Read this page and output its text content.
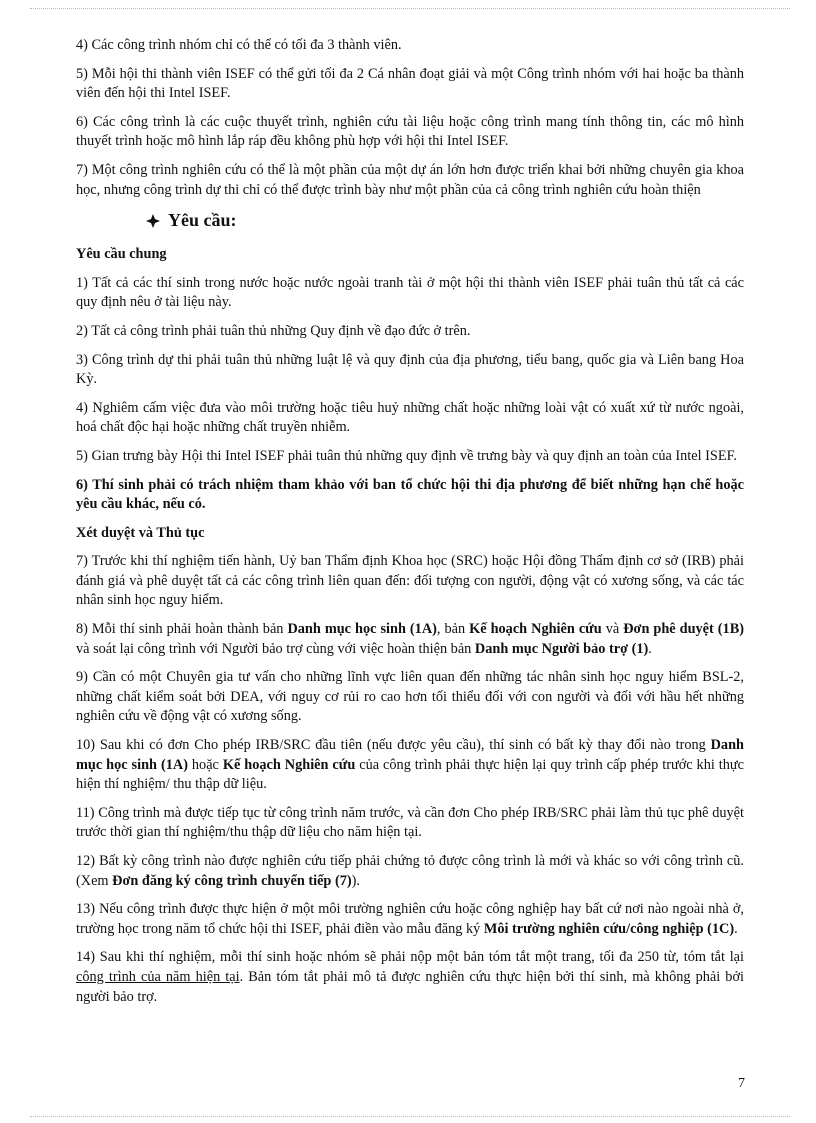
4) Các công trình nhóm chỉ có thể có tối đa 3 thành viên.

5) Mỗi hội thi thành viên ISEF có thể gửi tối đa 2 Cá nhân đoạt giải và một Công trình nhóm với hai hoặc ba thành viên đến hội thi Intel ISEF.

6) Các công trình là các cuộc thuyết trình, nghiên cứu tài liệu hoặc công trình mang tính thông tin, các mô hình thuyết trình hoặc mô hình lắp ráp đều không phù hợp với hội thi Intel ISEF.

7) Một công trình nghiên cứu có thể là một phần của một dự án lớn hơn được triển khai bởi những chuyên gia khoa học, nhưng công trình dự thi chỉ có thể được trình bày như một phần của cả công trình nghiên cứu hoàn thiện

Yêu cầu:
Yêu cầu chung

1) Tất cả các thí sinh trong nước hoặc nước ngoài tranh tài ở một hội thi thành viên ISEF phải tuân thủ tất cả các quy định nêu ở tài liệu này.

2) Tất cả công trình phải tuân thủ những Quy định về đạo đức ở trên.

3) Công trình dự thi phải tuân thủ những luật lệ và quy định của địa phương, tiểu bang, quốc gia và Liên bang Hoa Kỳ.

4) Nghiêm cấm việc đưa vào môi trường hoặc tiêu huỷ những chất hoặc những loài vật có xuất xứ từ nước ngoài, hoá chất độc hại hoặc những chất truyền nhiễm.

5) Gian trưng bày Hội thi Intel ISEF phải tuân thủ những quy định về trưng bày và quy định an toàn của Intel ISEF.

6) Thí sinh phải có trách nhiệm tham khảo với ban tổ chức hội thi địa phương để biết những hạn chế hoặc yêu cầu khác, nếu có.

Xét duyệt và Thủ tục

7) Trước khi thí nghiệm tiến hành, Uỷ ban Thẩm định Khoa học (SRC) hoặc Hội đồng Thẩm định cơ sở (IRB) phải đánh giá và phê duyệt tất cả các công trình liên quan đến: đối tượng con người, động vật có xương sống, và các tác nhân sinh học nguy hiểm.

8) Mỗi thí sinh phải hoàn thành bản Danh mục học sinh (1A), bản Kế hoạch Nghiên cứu và Đơn phê duyệt (1B) và soát lại công trình với Người bảo trợ cùng với việc hoàn thiện bản Danh mục Người bảo trợ (1).

9) Cần có một Chuyên gia tư vấn cho những lĩnh vực liên quan đến những tác nhân sinh học nguy hiểm BSL-2, những chất kiểm soát bởi DEA, với nguy cơ rủi ro cao hơn tối thiểu đối với con người và đối với hầu hết những nghiên cứu về động vật có xương sống.

10) Sau khi có đơn Cho phép IRB/SRC đầu tiên (nếu được yêu cầu), thí sinh có bất kỳ thay đổi nào trong Danh mục học sinh (1A) hoặc Kế hoạch Nghiên cứu của công trình phải thực hiện lại quy trình cấp phép trước khi thực hiện thí nghiệm/ thu thập dữ liệu.

11) Công trình mà được tiếp tục từ công trình năm trước, và cần đơn Cho phép IRB/SRC phải làm thủ tục phê duyệt trước thời gian thí nghiệm/thu thập dữ liệu cho năm hiện tại.

12) Bất kỳ công trình nào được nghiên cứu tiếp phải chứng tỏ được công trình là mới và khác so với công trình cũ. (Xem Đơn đăng ký công trình chuyển tiếp (7)).

13) Nếu công trình được thực hiện ở một môi trường nghiên cứu hoặc công nghiệp hay bất cứ nơi nào ngoài nhà ở, trường học trong năm tổ chức hội thi ISEF, phải điền vào mẫu đăng ký Môi trường nghiên cứu/công nghiệp (1C).

14) Sau khi thí nghiệm, mỗi thí sinh hoặc nhóm sẽ phải nộp một bản tóm tắt một trang, tối đa 250 từ, tóm tắt lại công trình của năm hiện tại. Bản tóm tắt phải mô tả được nghiên cứu thực hiện bởi thí sinh, mà không phải bởi người bảo trợ.

7
